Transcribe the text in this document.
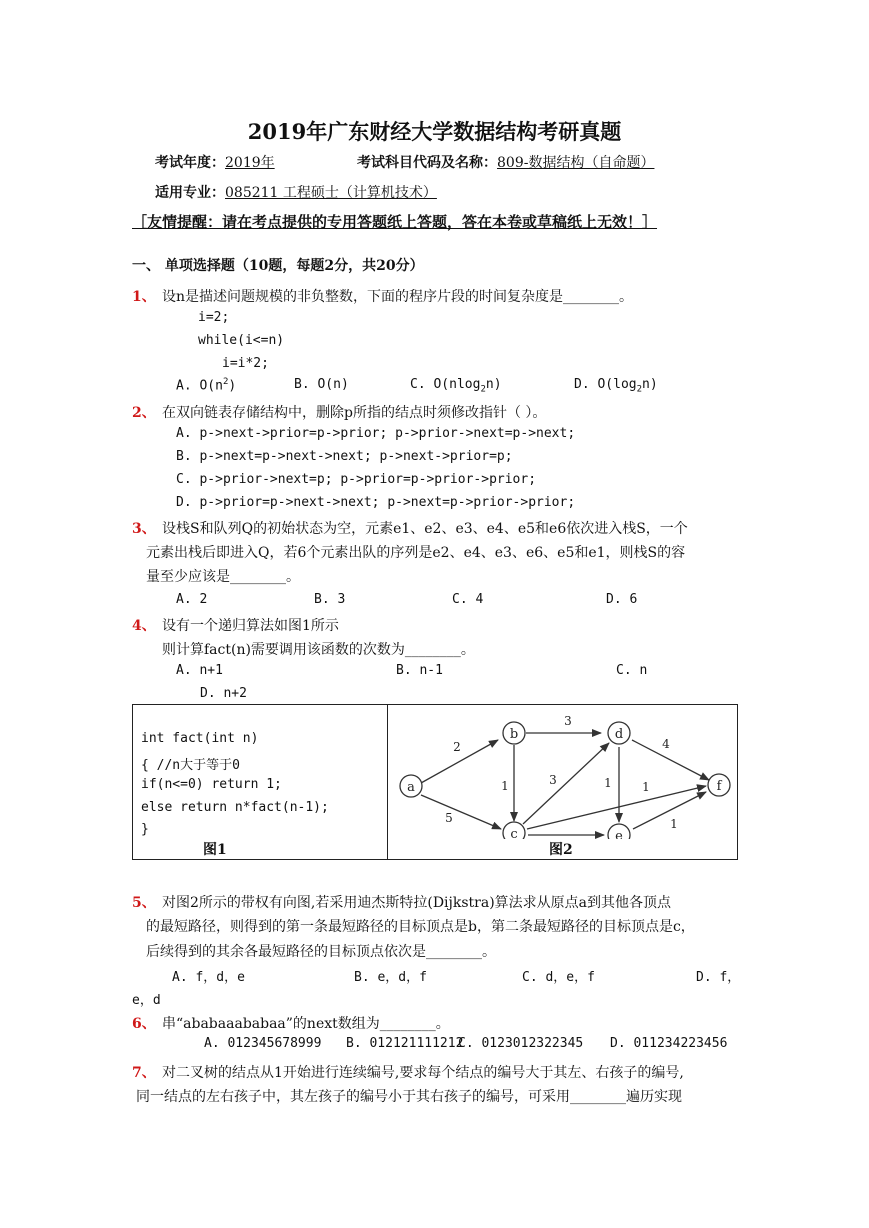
2019年广东财经大学数据结构考研真题
考试年度：2019年	考试科目代码及名称：809-数据结构（自命题）
适用专业：085211 工程硕士（计算机技术）
［友情提醒：请在考点提供的专用答题纸上答题，答在本卷或草稿纸上无效！］
一、 单项选择题（10题，每题2分，共20分）
1、 设n是描述问题规模的非负整数，下面的程序片段的时间复杂度是________。
i=2;
while(i<=n)
i=i*2;
A. $O(n^2)$	B. O(n)	C. O(nlog$_2$n)	D. $O(\log_2n)$
2、 在双向链表存储结构中，删除p所指的结点时须修改指针（ ）。
A. p->next->prior=p->prior; p->prior->next=p->next;
B. p->next=p->next->next; p->next->prior=p;
C. p->prior->next=p; p->prior=p->prior->prior;
D. p->prior=p->next->next; p->next=p->prior->prior;
3、 设栈S和队列Q的初始状态为空，元素e1、e2、e3、e4、e5和e6依次进入栈S，一个
元素出栈后即进入Q，若6个元素出队的序列是e2、e4、e3、e6、e5和e1，则栈S的容
量至少应该是________。
A. 2	B. 3	C. 4	D. 6
4、 设有一个递归算法如图1所示
则计算fact(n)需要调用该函数的次数为________。
A. n+1	B. n-1	C. n
D. n+2
int fact(int n)
{ //n大于等于0
if(n<=0) return 1;
else return n*fact(n-1);
}
图1
a
b
c
d
e
f
2
5
3
1	3	1
4
1
1
图2
5、 对图2所示的带权有向图,若采用迪杰斯特拉(Dijkstra)算法求从原点a到其他各顶点
的最短路径，则得到的第一条最短路径的目标顶点是b，第二条最短路径的目标顶点是c，
后续得到的其余各最短路径的目标顶点依次是________。
A. f，d，e	B. e，d，f	C. d，e，f	D. f，
e，d
6、 串“ababaaababaa”的next数组为________。
A. 012345678999 B. 012121111212
C. 0123012322345 D. 011234223456
7、 对二叉树的结点从1开始进行连续编号,要求每个结点的编号大于其左、右孩子的编号,
同一结点的左右孩子中，其左孩子的编号小于其右孩子的编号，可采用________遍历实现
